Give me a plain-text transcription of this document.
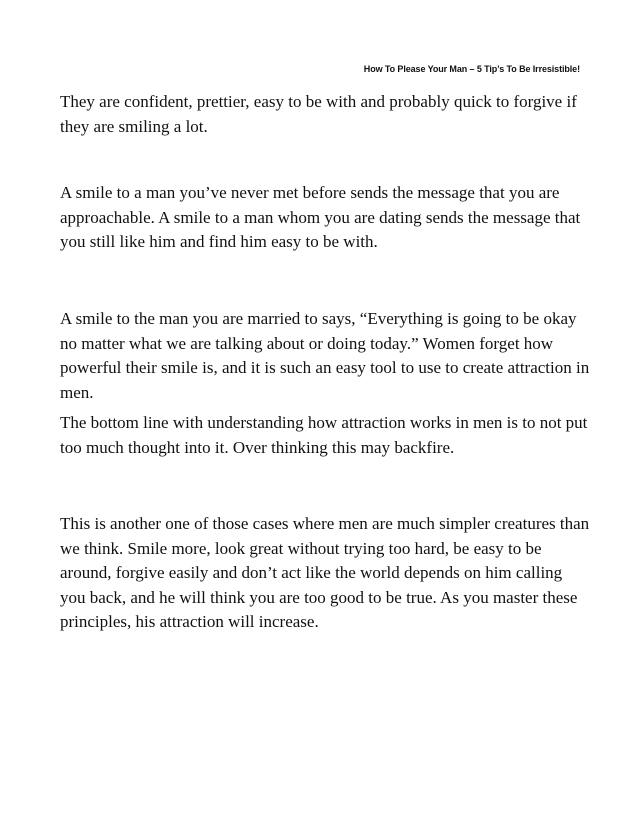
How To Please Your Man – 5 Tip’s To Be Irresistible!

They are confident, prettier, easy to be with and probably quick to forgive if they are smiling a lot.

A smile to a man you’ve never met before sends the message that you are approachable. A smile to a man whom you are dating sends the message that you still like him and find him easy to be with.

A smile to the man you are married to says, “Everything is going to be okay no matter what we are talking about or doing today.” Women forget how powerful their smile is, and it is such an easy tool to use to create attraction in men.

The bottom line with understanding how attraction works in men is to not put too much thought into it. Over thinking this may backfire.

This is another one of those cases where men are much simpler creatures than we think. Smile more, look great without trying too hard, be easy to be around, forgive easily and don’t act like the world depends on him calling you back, and he will think you are too good to be true. As you master these principles, his attraction will increase.
